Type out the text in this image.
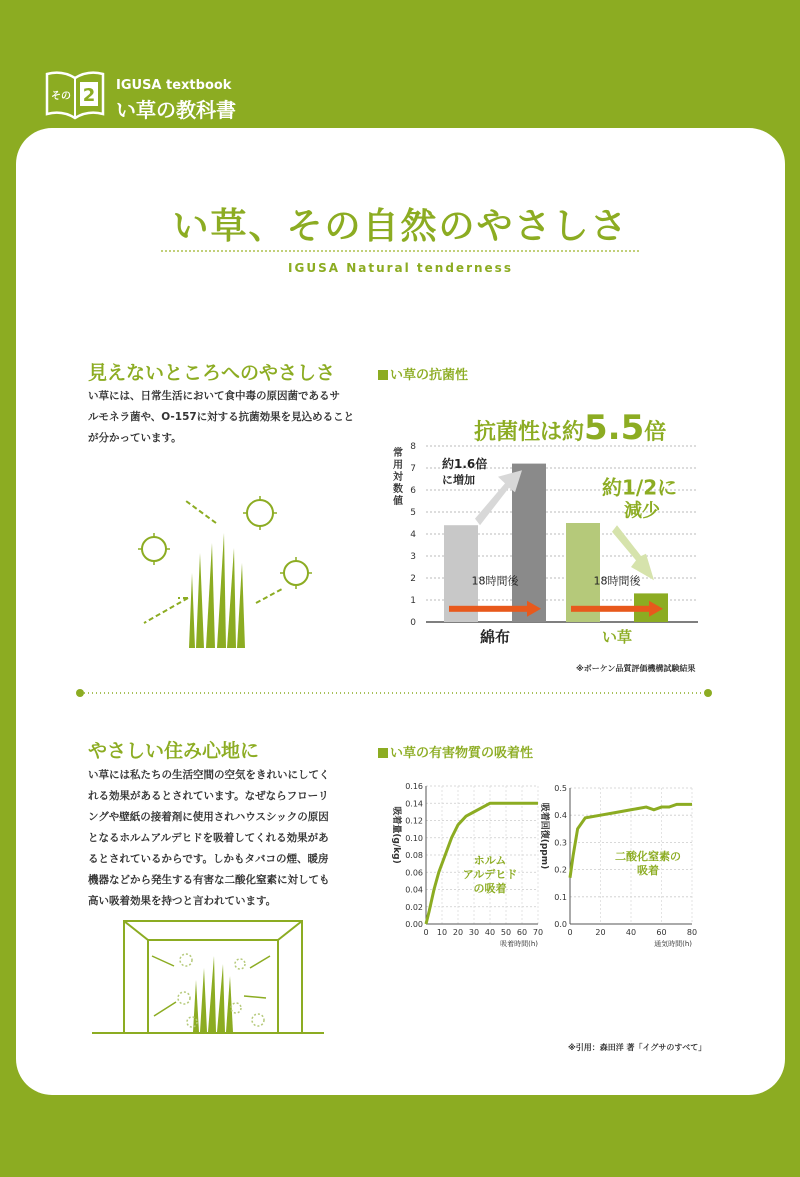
2
その
IGUSA textbook
い草の教科書
い草、その自然のやさしさ
IGUSA Natural tenderness
見えないところへのやさしさ
い草には、日常生活において食中毒の原因菌であるサ
ルモネラ菌や、O-157に対する抗菌効果を見込めること
が分かっています。
い草の抗菌性
抗菌性は約5.5倍
常
用
対
数
値
0
1
2
3
4
5
6
7
8
綿布
18時間後
い草
18時間後
約1.6倍
に増加	約1/2に
減少
※ボーケン品質評価機構試験結果
やさしい住み心地に
い草には私たちの生活空間の空気をきれいにしてく
れる効果があるとされています。なぜならフローリ
ングや壁紙の接着剤に使用されハウスシックの原因
となるホルムアルデヒドを吸着してくれる効果があ
るとされているからです。しかもタバコの煙、暖房
機器などから発生する有害な二酸化窒素に対しても
高い吸着効果を持つと言われています。
い草の有害物質の吸着性
0.00
0.02
0.04
0.06
0.08
0.10
0.12
0.14
0.16
0 10 20 30 40 50 60 70
吸着時間(h)
吸着量(g/kg)	ホルム
アルデヒド
の吸着
0.0
0.1
0.2
0.3
0.4
0.5
0	20	40	60	80
通気時間(h)
吸着回復(ppm)	二酸化窒素の
吸着
※引用：森田洋 著「イグサのすべて」
